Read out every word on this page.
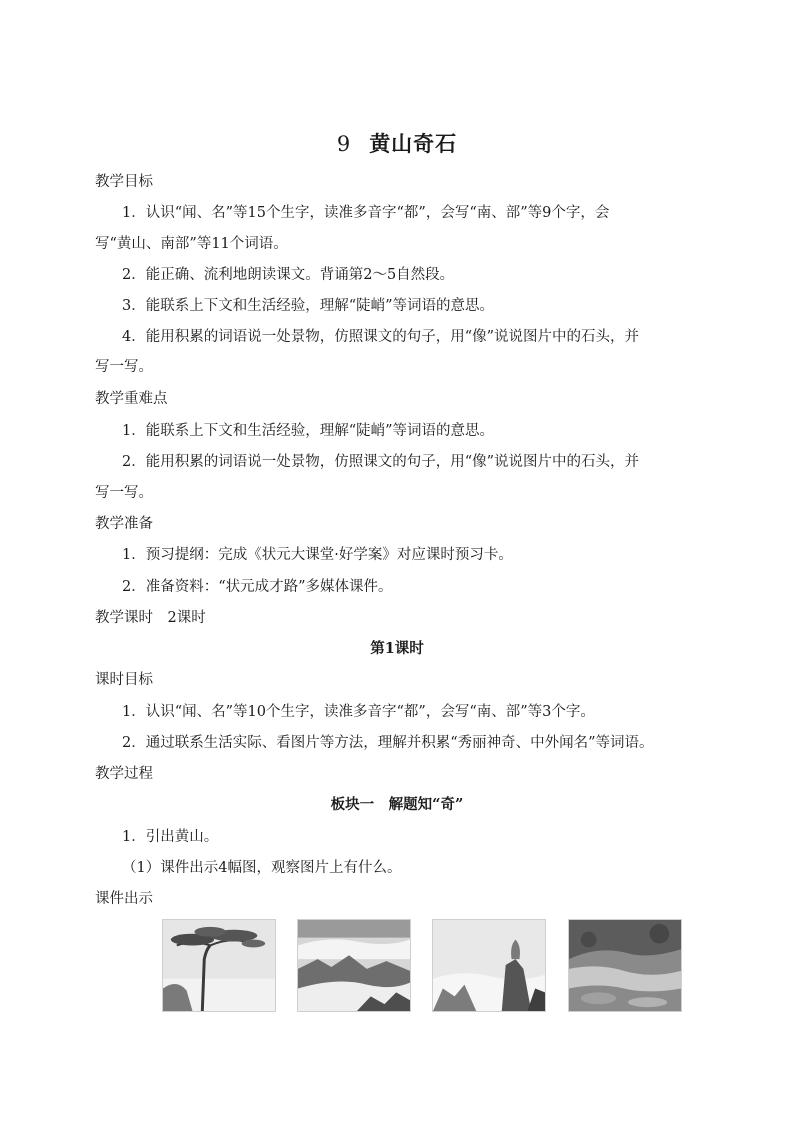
9 黄山奇石
教学目标
1．认识“闻、名”等15个生字，读准多音字“都”，会写“南、部”等9个字，会
写“黄山、南部”等11个词语。
2．能正确、流利地朗读课文。背诵第2～5自然段。
3．能联系上下文和生活经验，理解“陡峭”等词语的意思。
4．能用积累的词语说一处景物，仿照课文的句子，用“像”说说图片中的石头，并
写一写。
教学重难点
1．能联系上下文和生活经验，理解“陡峭”等词语的意思。
2．能用积累的词语说一处景物，仿照课文的句子，用“像”说说图片中的石头，并
写一写。
教学准备
1．预习提纲：完成《状元大课堂·好学案》对应课时预习卡。
2．准备资料：“状元成才路”多媒体课件。
教学课时　2课时
第1课时
课时目标
1．认识“闻、名”等10个生字，读准多音字“都”，会写“南、部”等3个字。
2．通过联系生活实际、看图片等方法，理解并积累“秀丽神奇、中外闻名”等词语。
教学过程
板块一　解题知“奇”
1．引出黄山。
（1）课件出示4幅图，观察图片上有什么。
课件出示
